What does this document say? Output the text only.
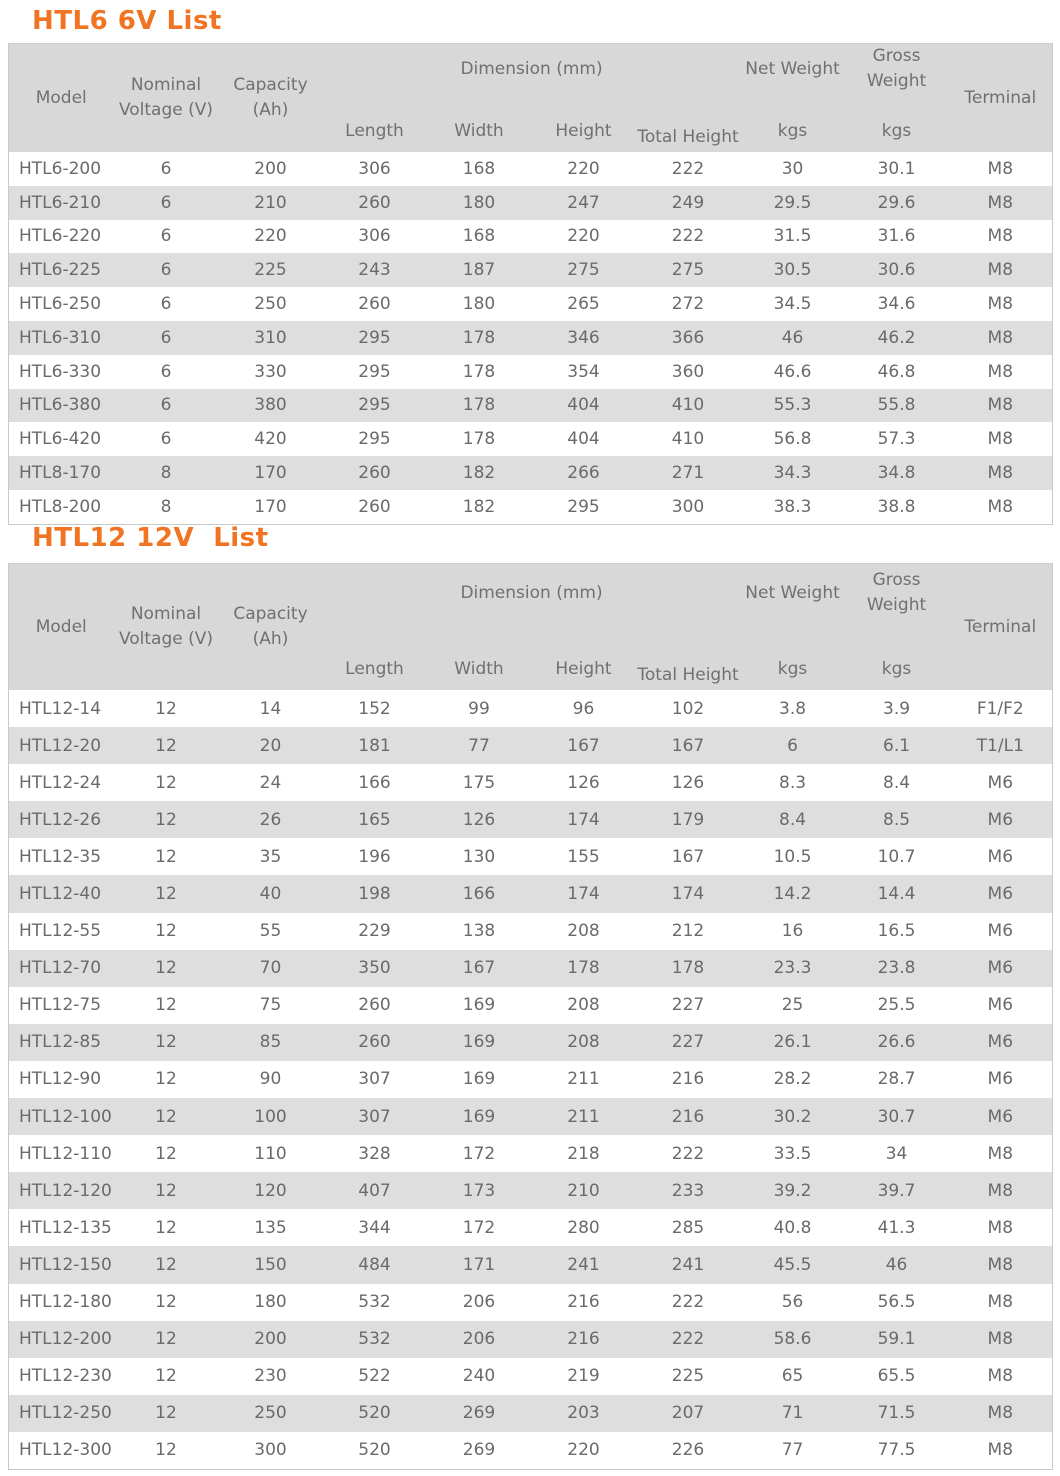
HTL6 6V List
Model	Nominal Voltage (V)	Capacity (Ah)	Dimension (mm)				Net Weight	Gross Weight	Terminal
			Length	Width	Height	Total Height	kgs	kgs	
HTL6-200	6	200	306	168	220	222	30	30.1	M8
HTL6-210	6	210	260	180	247	249	29.5	29.6	M8
HTL6-220	6	220	306	168	220	222	31.5	31.6	M8
HTL6-225	6	225	243	187	275	275	30.5	30.6	M8
HTL6-250	6	250	260	180	265	272	34.5	34.6	M8
HTL6-310	6	310	295	178	346	366	46	46.2	M8
HTL6-330	6	330	295	178	354	360	46.6	46.8	M8
HTL6-380	6	380	295	178	404	410	55.3	55.8	M8
HTL6-420	6	420	295	178	404	410	56.8	57.3	M8
HTL8-170	8	170	260	182	266	271	34.3	34.8	M8
HTL8-200	8	170	260	182	295	300	38.3	38.8	M8
HTL12 12V  List
Model	Nominal Voltage (V)	Capacity (Ah)	Dimension (mm)				Net Weight	Gross Weight	Terminal
			Length	Width	Height	Total Height	kgs	kgs	
HTL12-14	12	14	152	99	96	102	3.8	3.9	F1/F2
HTL12-20	12	20	181	77	167	167	6	6.1	T1/L1
HTL12-24	12	24	166	175	126	126	8.3	8.4	M6
HTL12-26	12	26	165	126	174	179	8.4	8.5	M6
HTL12-35	12	35	196	130	155	167	10.5	10.7	M6
HTL12-40	12	40	198	166	174	174	14.2	14.4	M6
HTL12-55	12	55	229	138	208	212	16	16.5	M6
HTL12-70	12	70	350	167	178	178	23.3	23.8	M6
HTL12-75	12	75	260	169	208	227	25	25.5	M6
HTL12-85	12	85	260	169	208	227	26.1	26.6	M6
HTL12-90	12	90	307	169	211	216	28.2	28.7	M6
HTL12-100	12	100	307	169	211	216	30.2	30.7	M6
HTL12-110	12	110	328	172	218	222	33.5	34	M8
HTL12-120	12	120	407	173	210	233	39.2	39.7	M8
HTL12-135	12	135	344	172	280	285	40.8	41.3	M8
HTL12-150	12	150	484	171	241	241	45.5	46	M8
HTL12-180	12	180	532	206	216	222	56	56.5	M8
HTL12-200	12	200	532	206	216	222	58.6	59.1	M8
HTL12-230	12	230	522	240	219	225	65	65.5	M8
HTL12-250	12	250	520	269	203	207	71	71.5	M8
HTL12-300	12	300	520	269	220	226	77	77.5	M8
